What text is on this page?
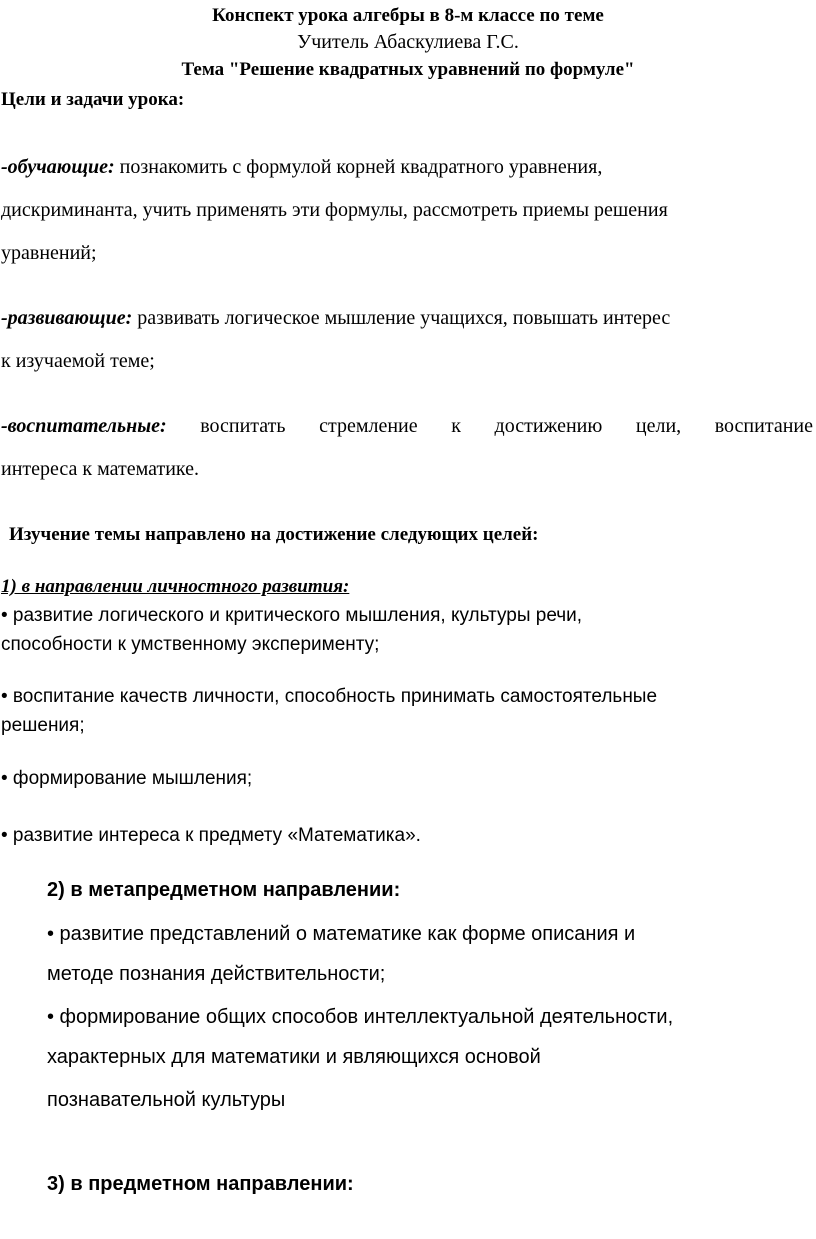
Конспект урока алгебры в 8-м классе по теме
Учитель Абаскулиева Г.С.
Тема "Решение квадратных уравнений по формуле"
Цели и задачи урока:
-обучающие: познакомить с формулой корней квадратного уравнения,
дискриминанта, учить применять эти формулы, рассмотреть приемы решения
уравнений;
-развивающие: развивать логическое мышление учащихся, повышать интерес
к изучаемой теме;
-воспитательные: воспитать стремление к достижению цели, воспитание
интереса к математике.
Изучение темы направлено на достижение следующих целей:
1) в направлении личностного развития:
• развитие логического и критического мышления, культуры речи,
способности к умственному эксперименту;
• воспитание качеств личности, способность принимать самостоятельные
решения;
• формирование мышления;
• развитие интереса к предмету «Математика».
2) в метапредметном направлении:
• развитие представлений о математике как форме описания и
методе познания действительности;
• формирование общих способов интеллектуальной деятельности,
характерных для математики и являющихся основой
познавательной культуры
3) в предметном направлении:
